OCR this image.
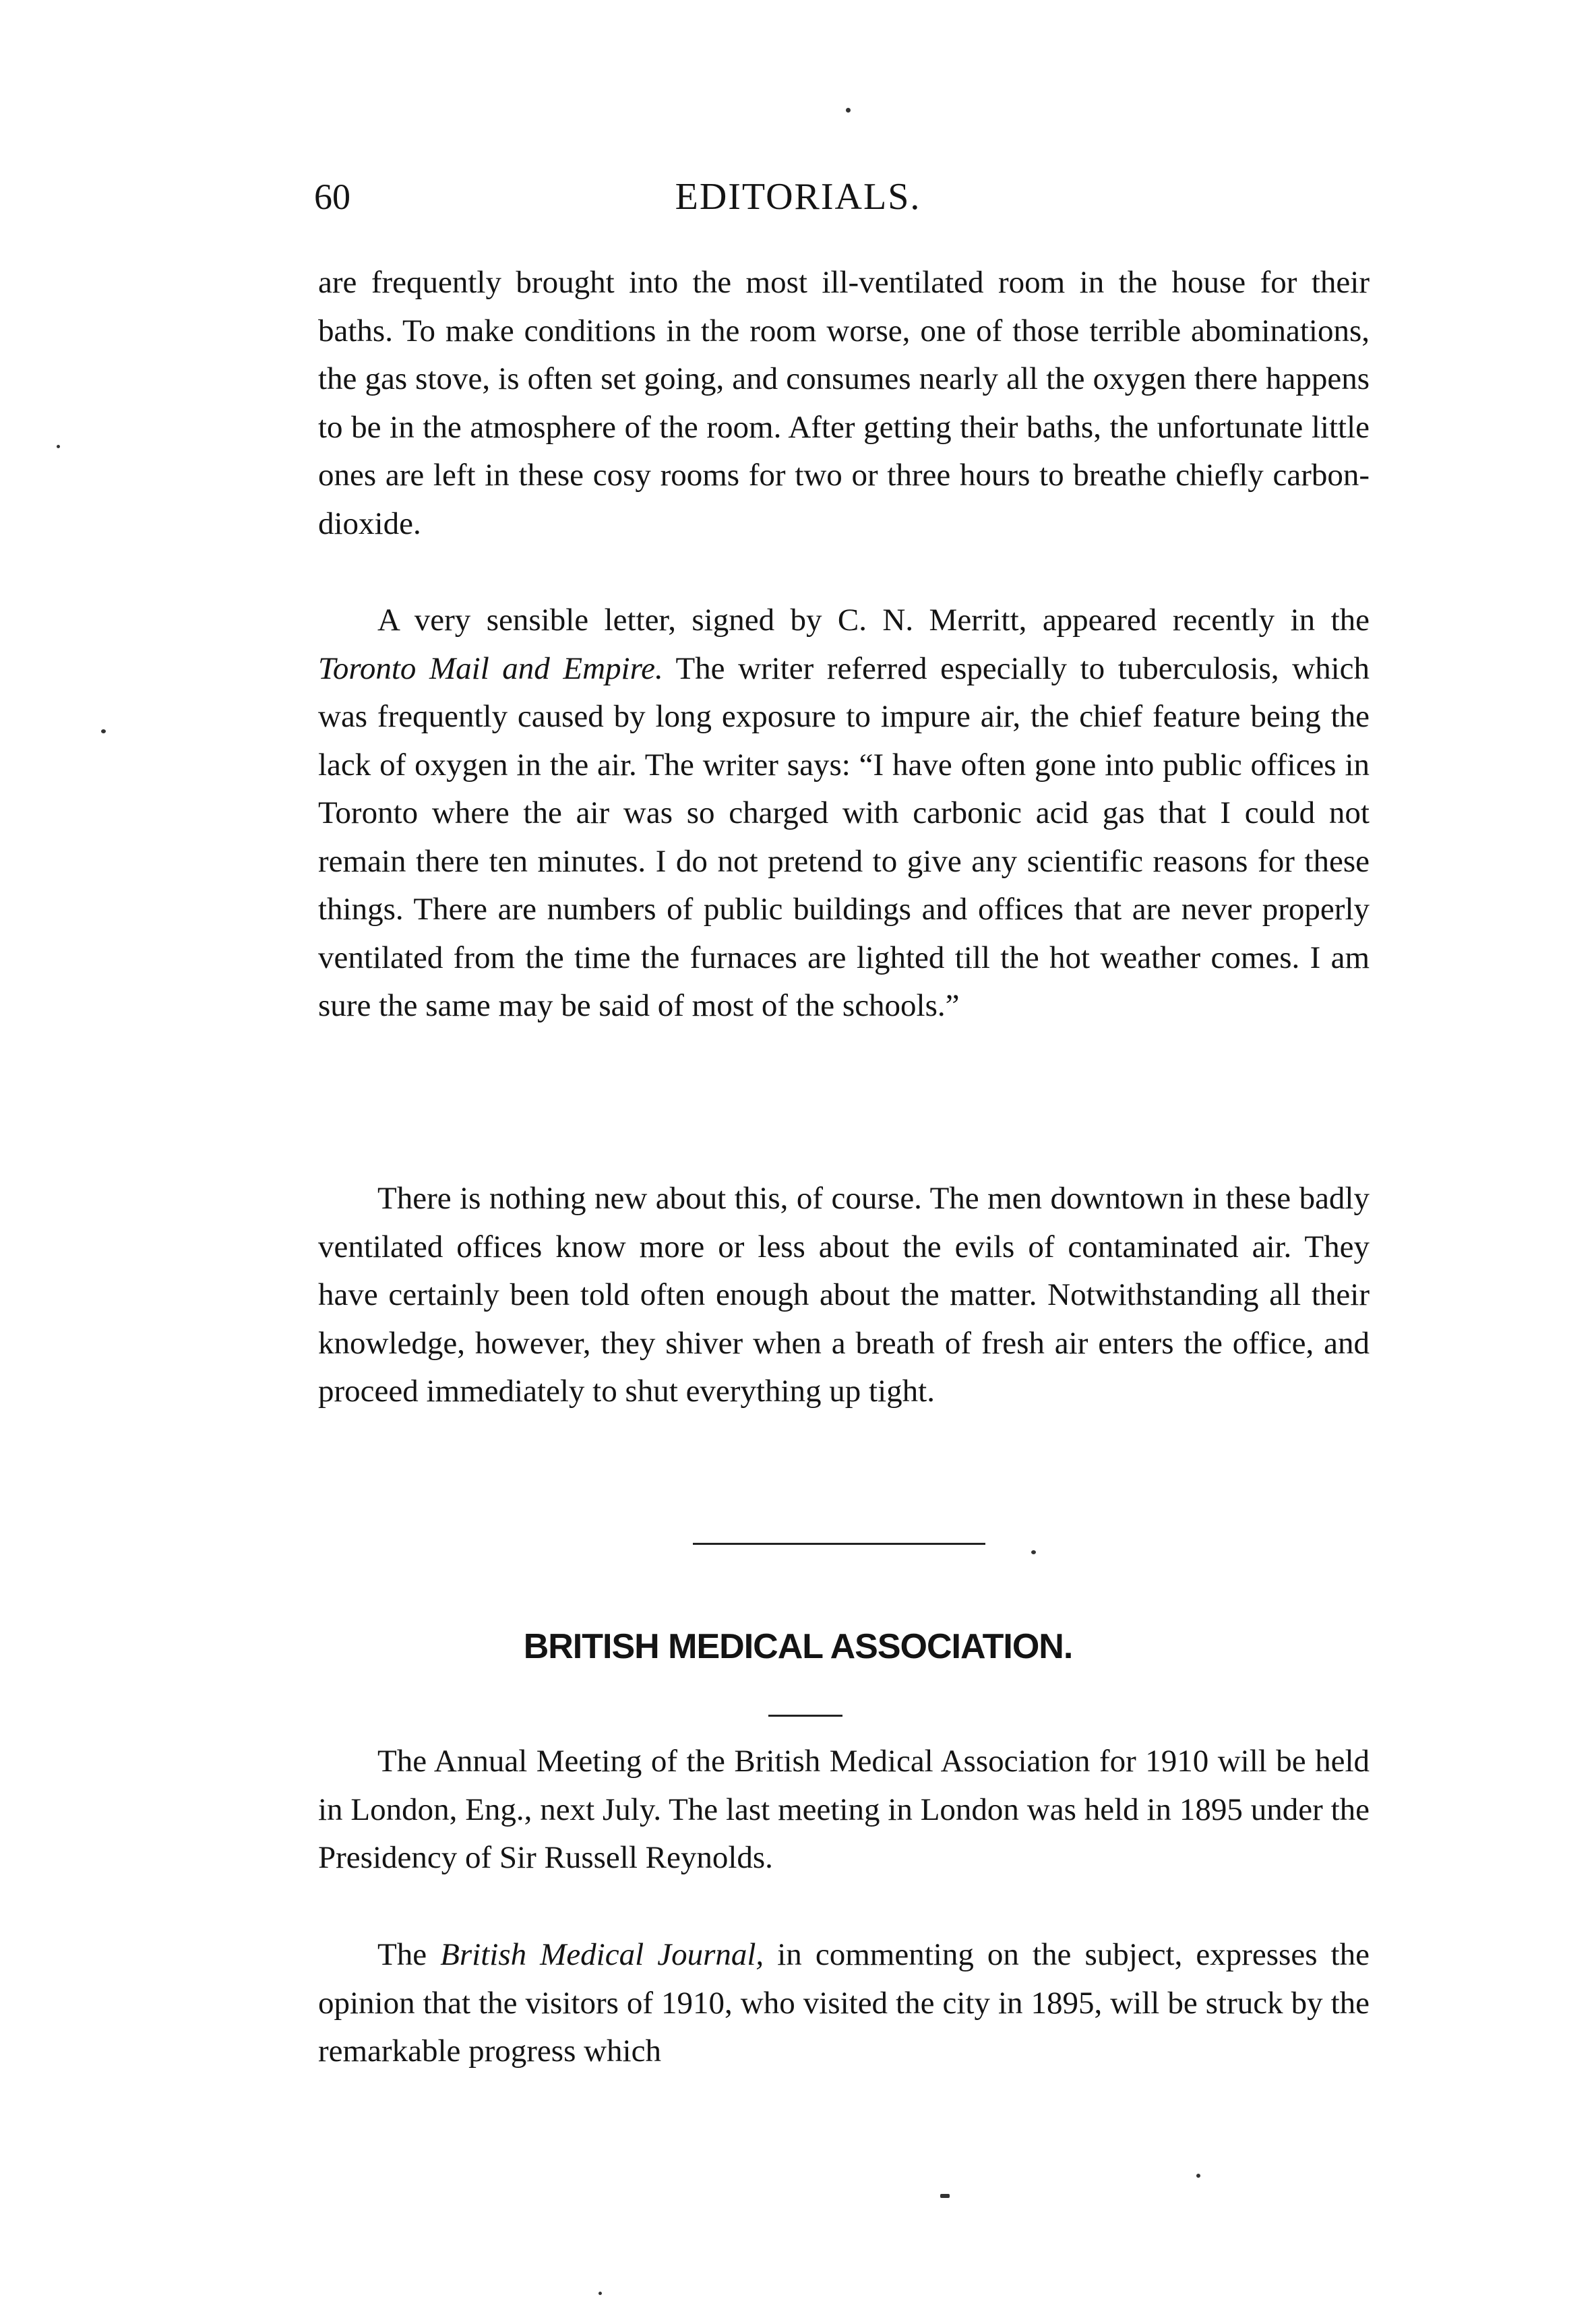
60	EDITORIALS.

are frequently brought into the most ill-ventilated room in the house for their baths. To make conditions in the room worse, one of those terrible abominations, the gas stove, is often set going, and consumes nearly all the oxygen there happens to be in the atmosphere of the room. After getting their baths, the unfortunate little ones are left in these cosy rooms for two or three hours to breathe chiefly carbon-dioxide.

A very sensible letter, signed by C. N. Merritt, appeared recently in the Toronto Mail and Empire. The writer referred especially to tuberculosis, which was frequently caused by long exposure to impure air, the chief feature being the lack of oxygen in the air. The writer says: “I have often gone into public offices in Toronto where the air was so charged with carbonic acid gas that I could not remain there ten minutes. I do not pretend to give any scientific reasons for these things. There are numbers of public buildings and offices that are never properly ventilated from the time the furnaces are lighted till the hot weather comes. I am sure the same may be said of most of the schools.”

There is nothing new about this, of course. The men downtown in these badly ventilated offices know more or less about the evils of contaminated air. They have certainly been told often enough about the matter. Notwithstanding all their knowledge, however, they shiver when a breath of fresh air enters the office, and proceed immediately to shut everything up tight.

BRITISH MEDICAL ASSOCIATION.

The Annual Meeting of the British Medical Association for 1910 will be held in London, Eng., next July. The last meeting in London was held in 1895 under the Presidency of Sir Russell Reynolds.

The British Medical Journal, in commenting on the subject, expresses the opinion that the visitors of 1910, who visited the city in 1895, will be struck by the remarkable progress which
